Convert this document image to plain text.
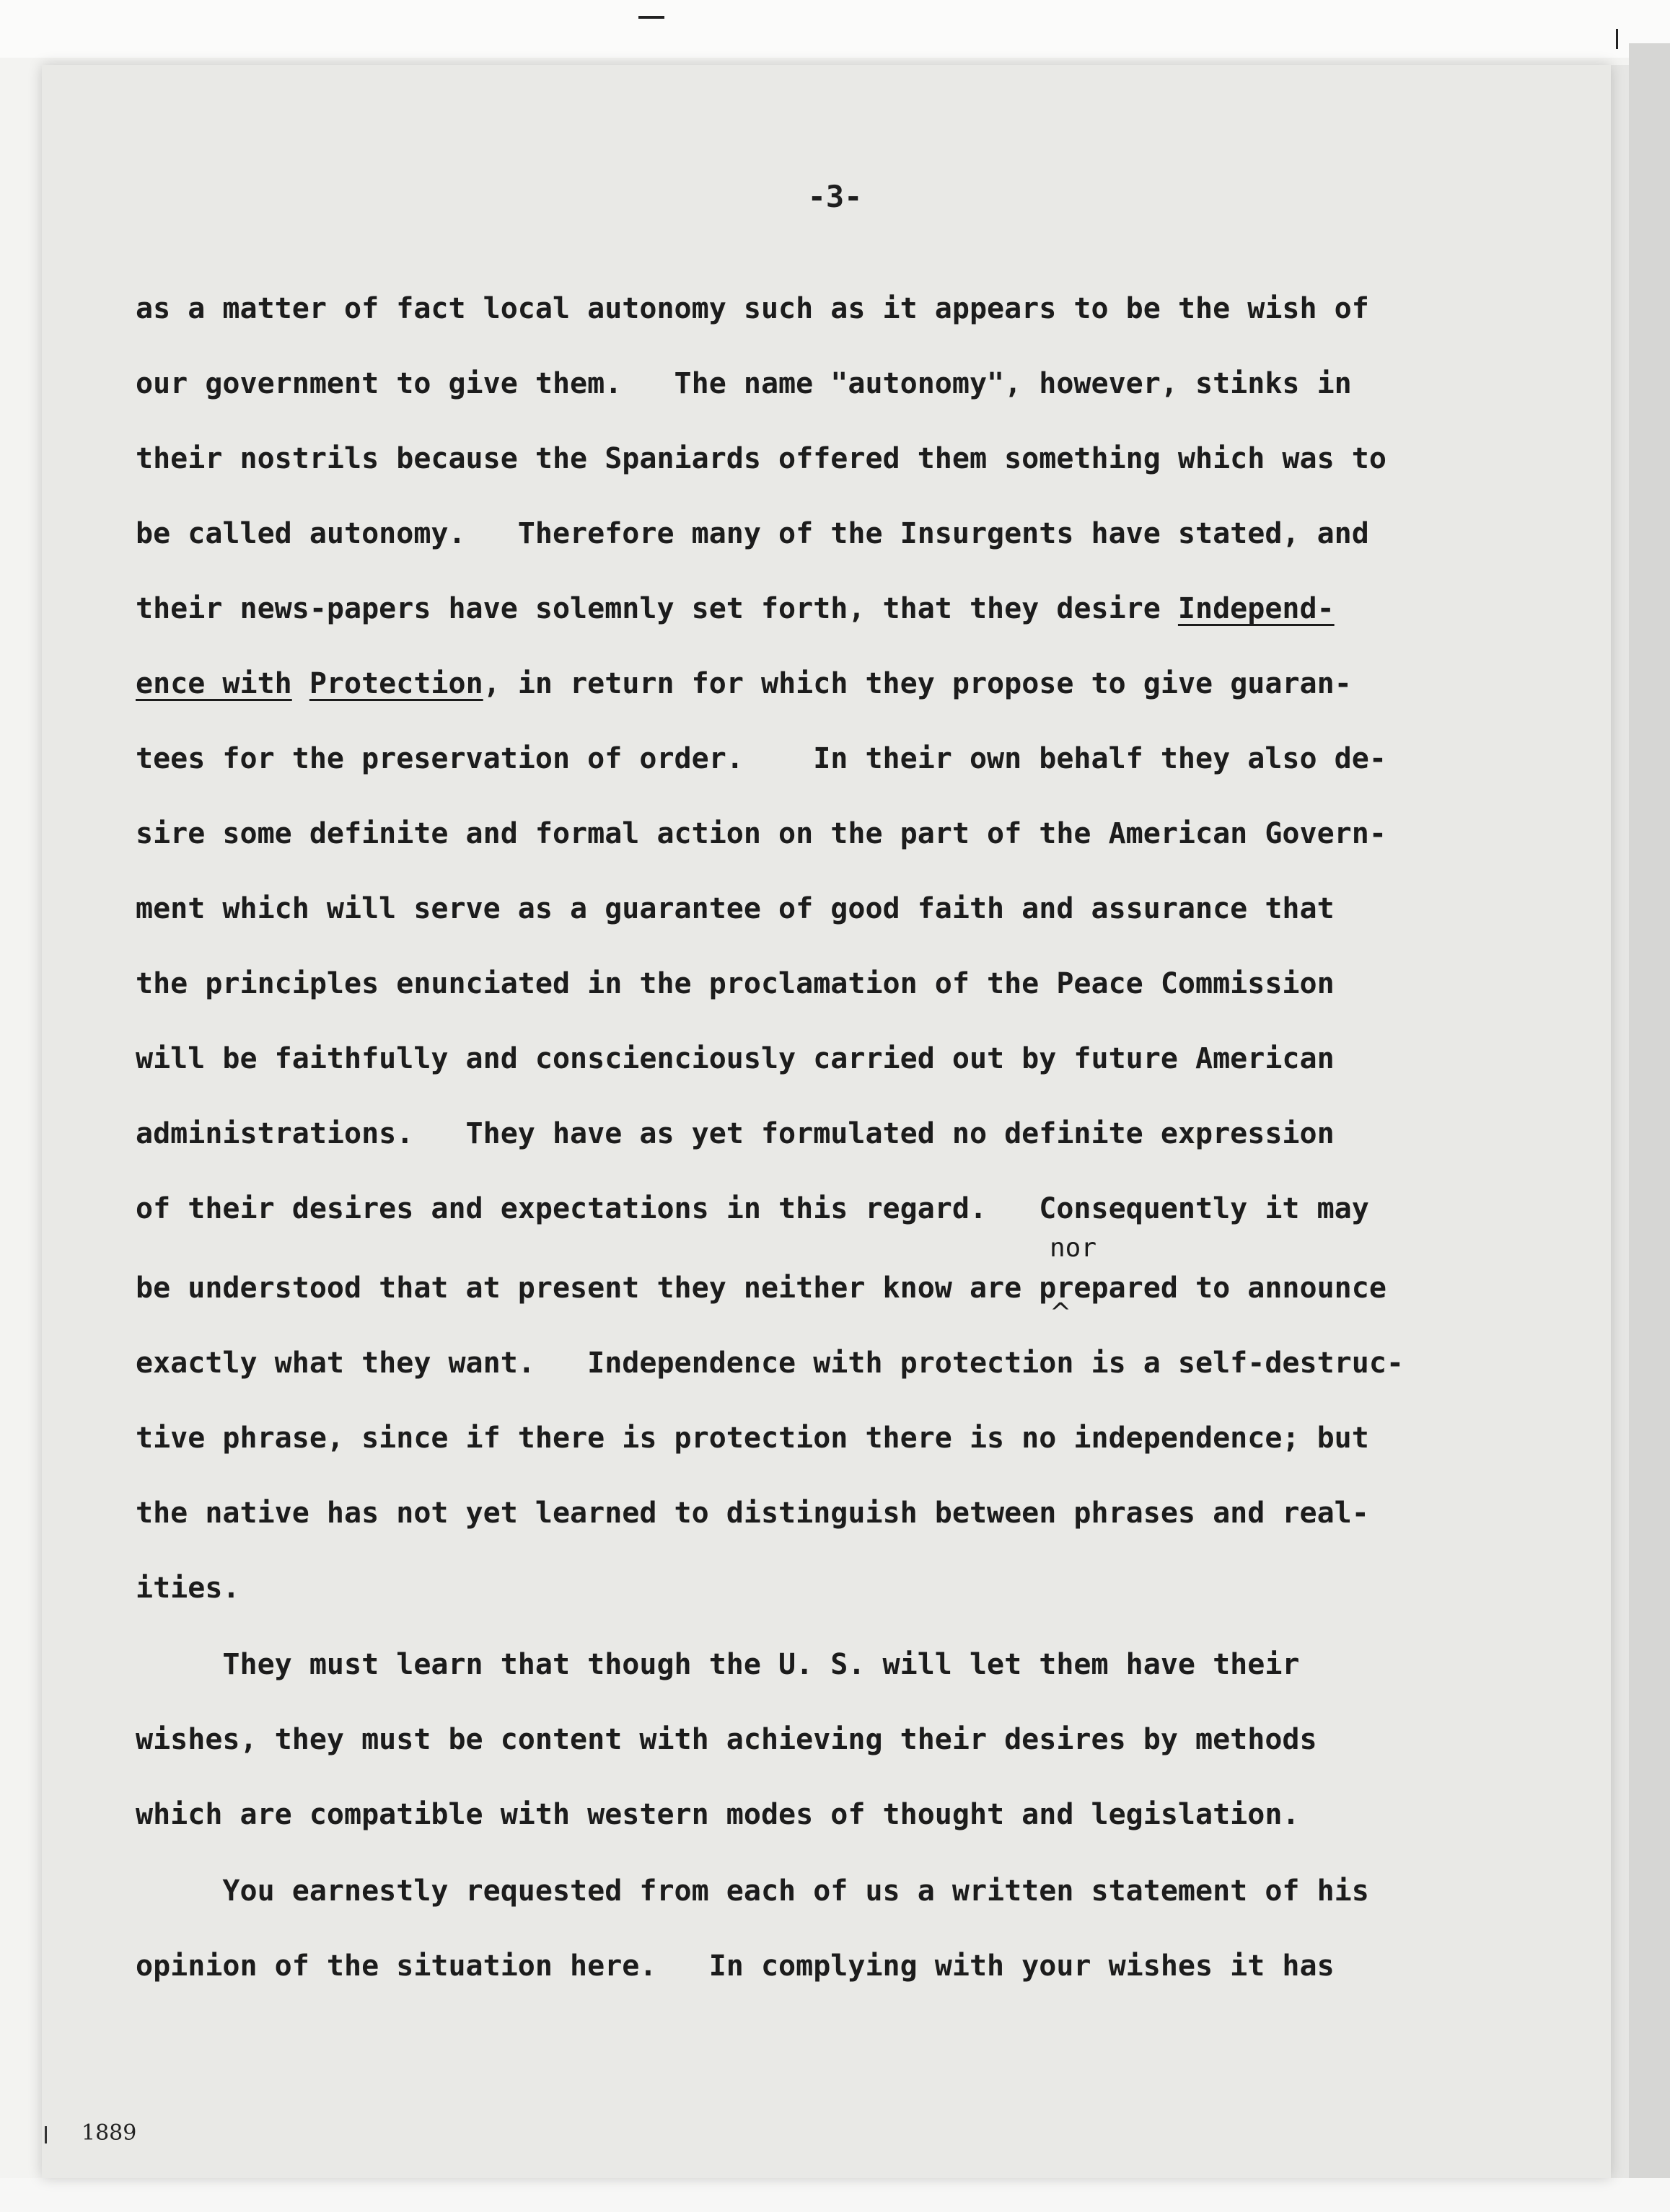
-3-

as a matter of fact local autonomy such as it appears to be the wish of

our government to give them.   The name "autonomy", however, stinks in

their nostrils because the Spaniards offered them something which was to

be called autonomy.   Therefore many of the Insurgents have stated, and

their news-papers have solemnly set forth, that they desire Independ-

ence with Protection, in return for which they propose to give guaran-

tees for the preservation of order.    In their own behalf they also de-

sire some definite and formal action on the part of the American Govern-

ment which will serve as a guarantee of good faith and assurance that

the principles enunciated in the proclamation of the Peace Commission

will be faithfully and conscienciously carried out by future American

administrations.   They have as yet formulated no definite expression

of their desires and expectations in this regard.   Consequently it may

be understood that at present they neither know are prepared to announce

exactly what they want.   Independence with protection is a self-destruc-

tive phrase, since if there is protection there is no independence; but

the native has not yet learned to distinguish between phrases and real-

ities.

They must learn that though the U. S. will let them have their

wishes, they must be content with achieving their desires by methods

which are compatible with western modes of thought and legislation.

You earnestly requested from each of us a written statement of his

opinion of the situation here.   In complying with your wishes it has

nor
^
1889
